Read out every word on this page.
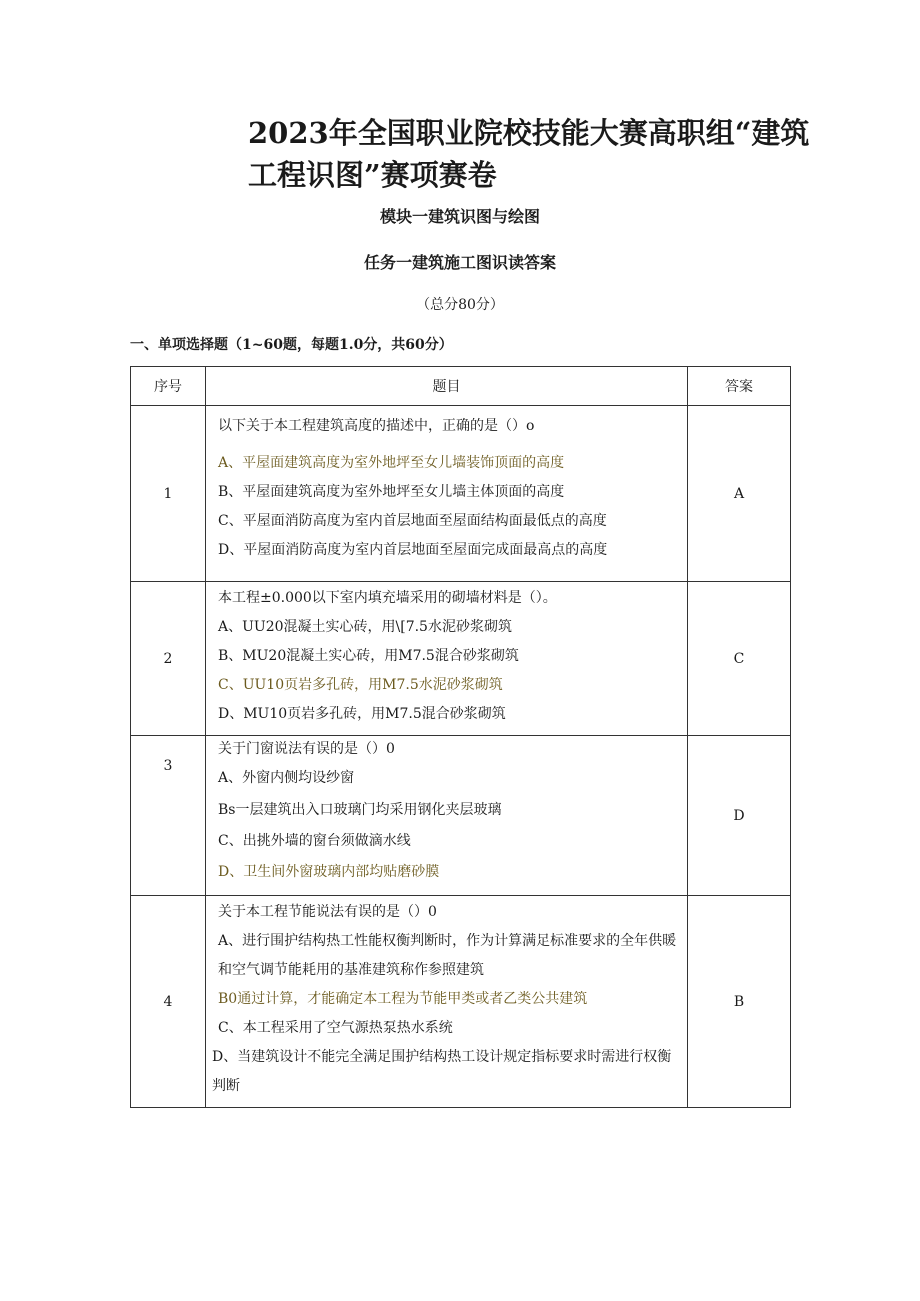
2023年全国职业院校技能大赛高职组“建筑
工程识图”赛项赛卷
模块一建筑识图与绘图
任务一建筑施工图识读答案
（总分80分）
一、单项选择题（1~60题，每题1.0分，共60分）
序号	题目	答案
1	以下关于本工程建筑高度的描述中，正确的是（）o
A、平屋面建筑高度为室外地坪至女儿墙装饰顶面的高度
B、平屋面建筑高度为室外地坪至女儿墙主体顶面的高度
C、平屋面消防高度为室内首层地面至屋面结构面最低点的高度
D、平屋面消防高度为室内首层地面至屋面完成面最高点的高度	A
2	本工程±0.000以下室内填充墙采用的砌墙材料是（）。
A、UU20混凝土实心砖，用\[7.5水泥砂浆砌筑
B、MU20混凝土实心砖，用M7.5混合砂浆砌筑
C、UU10页岩多孔砖，用M7.5水泥砂浆砌筑
D、MU10页岩多孔砖，用M7.5混合砂浆砌筑	C
3	关于门窗说法有误的是（）0
A、外窗内侧均设纱窗
Bs一层建筑出入口玻璃门均采用钢化夹层玻璃
C、出挑外墙的窗台须做滴水线
D、卫生间外窗玻璃内部均贴磨砂膜	D
4	关于本工程节能说法有误的是（）0
A、进行围护结构热工性能权衡判断时，作为计算满足标准要求的全年供暖和空气调节能耗用的基准建筑称作参照建筑
B0通过计算，才能确定本工程为节能甲类或者乙类公共建筑
C、本工程采用了空气源热泵热水系统
D、当建筑设计不能完全满足围护结构热工设计规定指标要求时需进行权衡判断	B
